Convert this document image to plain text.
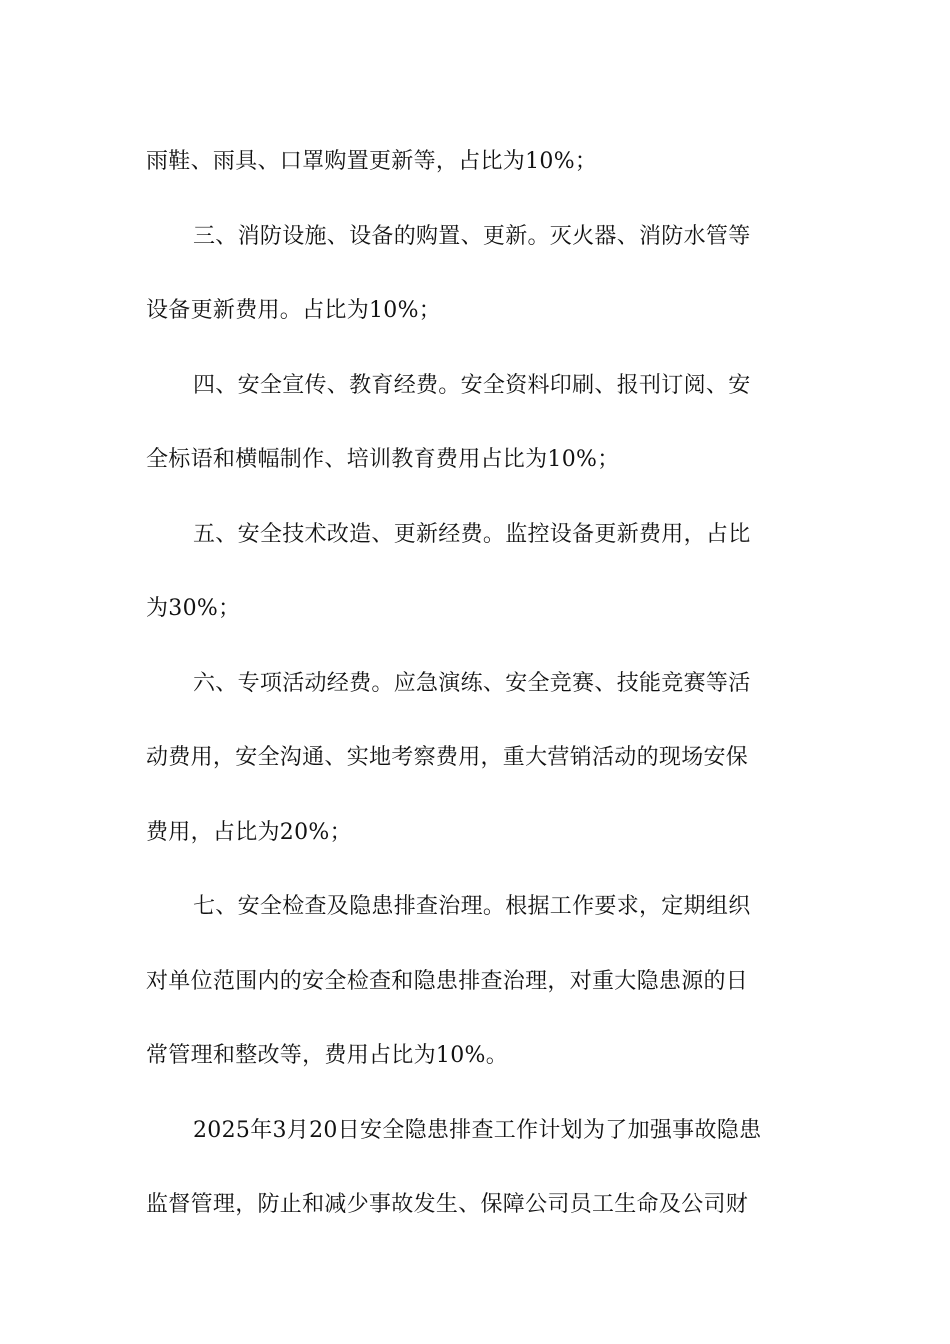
雨鞋、雨具、口罩购置更新等，占比为10%；
三、消防设施、设备的购置、更新。灭火器、消防水管等
设备更新费用。占比为10%；
四、安全宣传、教育经费。安全资料印刷、报刊订阅、安
全标语和横幅制作、培训教育费用占比为10%；
五、安全技术改造、更新经费。监控设备更新费用，占比
为30%；
六、专项活动经费。应急演练、安全竞赛、技能竞赛等活
动费用，安全沟通、实地考察费用，重大营销活动的现场安保
费用，占比为20%；
七、安全检查及隐患排查治理。根据工作要求，定期组织
对单位范围内的安全检查和隐患排查治理，对重大隐患源的日
常管理和整改等，费用占比为10%。
2025年3月20日安全隐患排查工作计划为了加强事故隐患
监督管理，防止和减少事故发生、保障公司员工生命及公司财
